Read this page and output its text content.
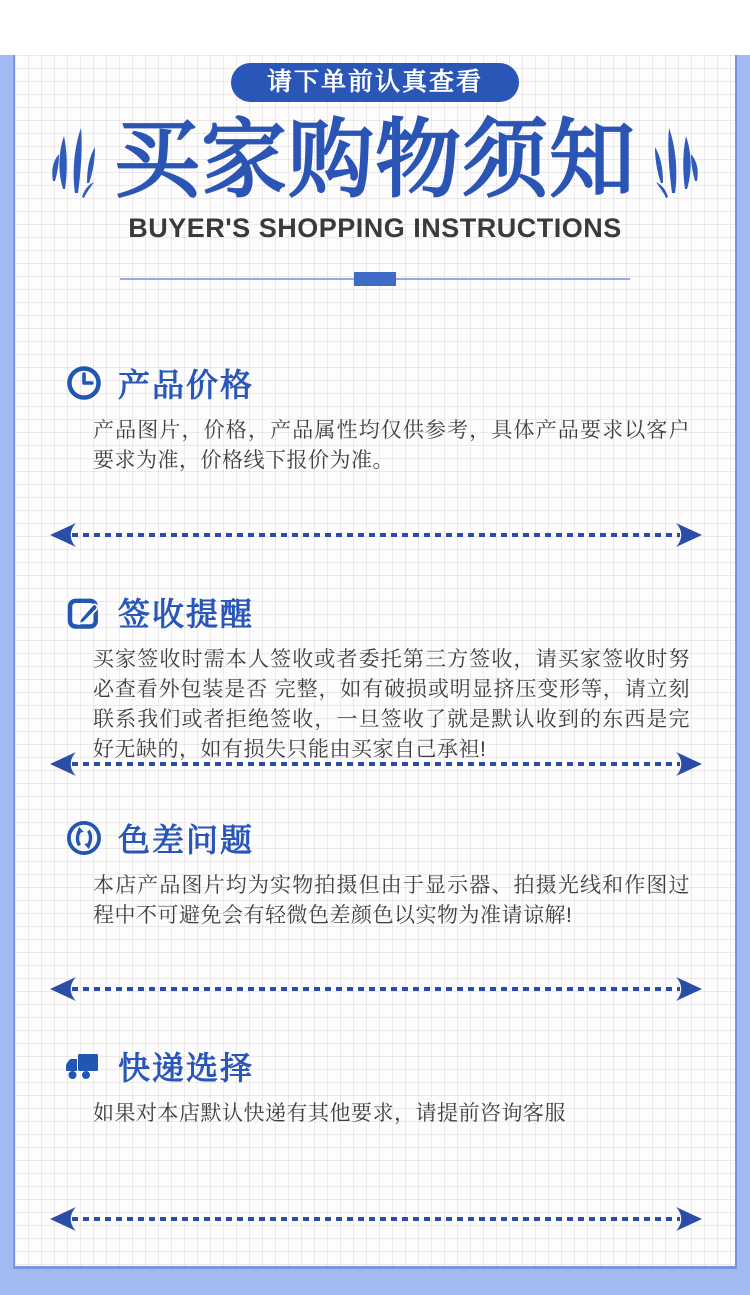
请下单前认真查看
买家购物须知
BUYER'S SHOPPING INSTRUCTIONS
产品价格
产品图片，价格，产品属性均仅供参考，具体产品要求以客户要求为准，价格线下报价为准。
签收提醒
买家签收时需本人签收或者委托第三方签收，请买家签收时努必查看外包装是否 完整，如有破损或明显挤压变形等，请立刻联系我们或者拒绝签收，一旦签收了就是默认收到的东西是完好无缺的，如有损失只能由买家自己承袒!
色差问题
本店产品图片均为实物拍摄但由于显示器、拍摄光线和作图过程中不可避免会有轻微色差颜色以实物为准请谅解!
快递选择
如果对本店默认快递有其他要求，请提前咨询客服
